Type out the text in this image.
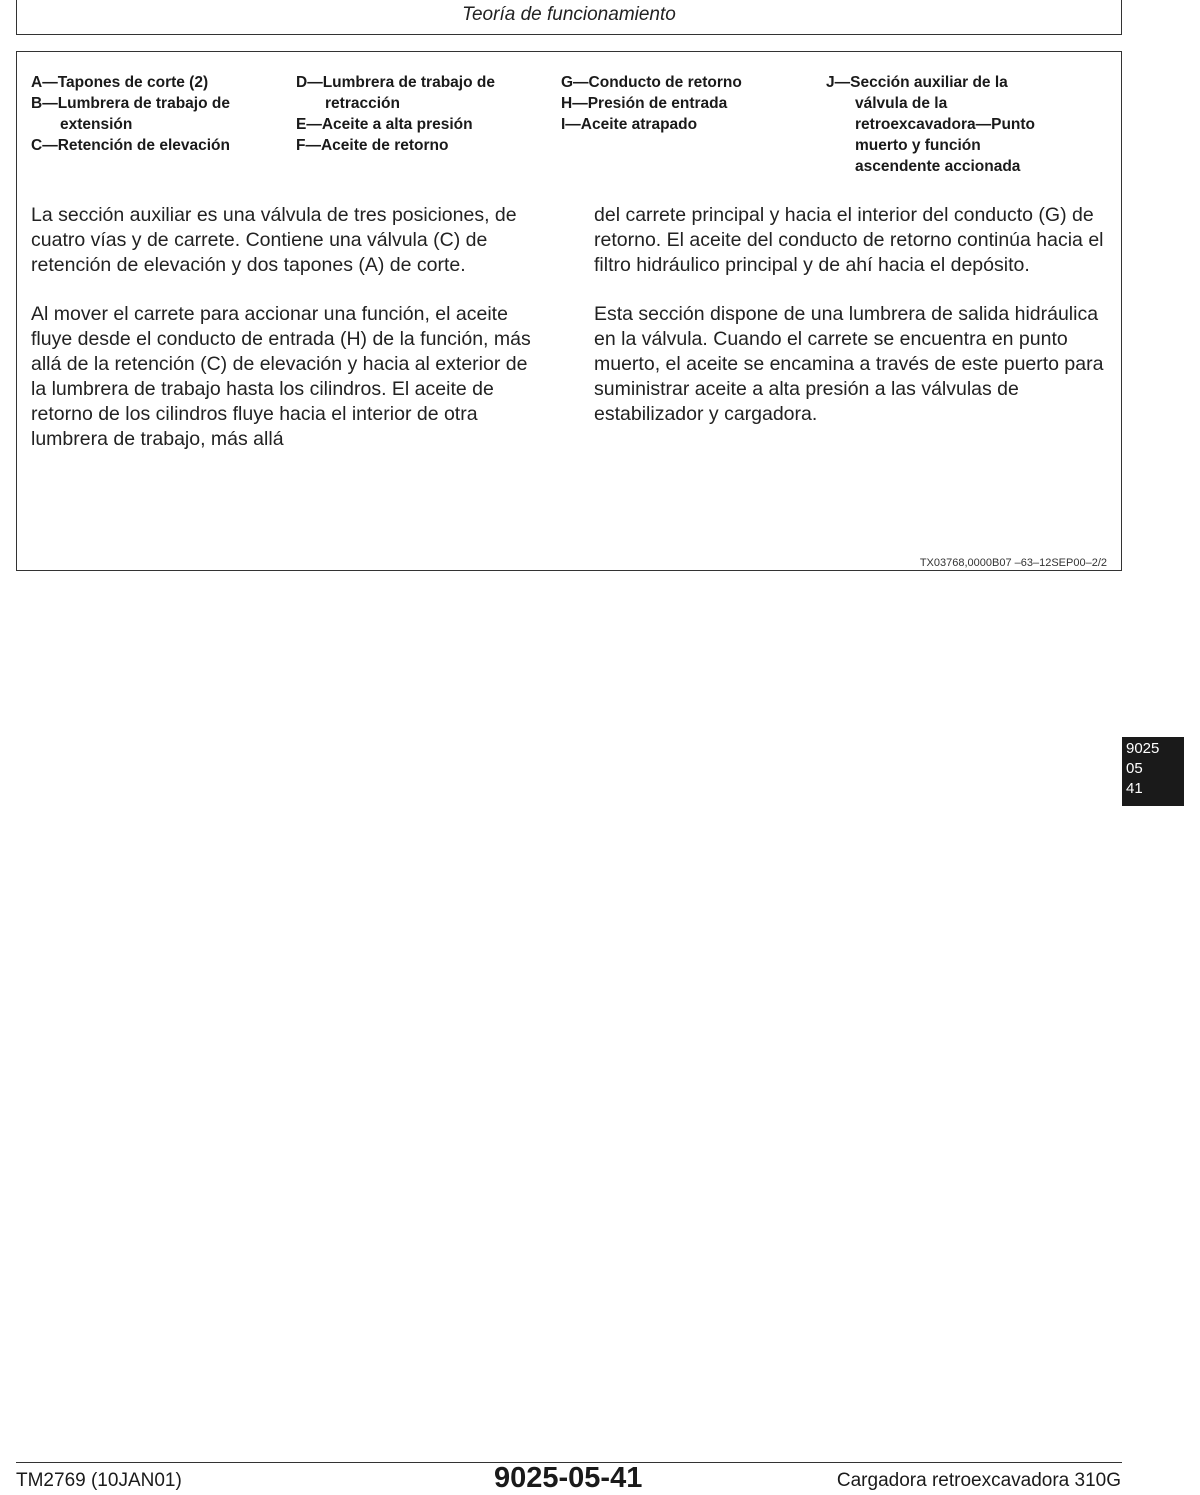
Teoría de funcionamiento
A—Tapones de corte (2)
B—Lumbrera de trabajo de extensión
C—Retención de elevación
D—Lumbrera de trabajo de retracción
E—Aceite a alta presión
F—Aceite de retorno
G—Conducto de retorno
H—Presión de entrada
I—Aceite atrapado
J—Sección auxiliar de la válvula de la retroexcavadora—Punto muerto y función ascendente accionada

La sección auxiliar es una válvula de tres posiciones, de cuatro vías y de carrete. Contiene una válvula (C) de retención de elevación y dos tapones (A) de corte.

Al mover el carrete para accionar una función, el aceite fluye desde el conducto de entrada (H) de la función, más allá de la retención (C) de elevación y hacia al exterior de la lumbrera de trabajo hasta los cilindros. El aceite de retorno de los cilindros fluye hacia el interior de otra lumbrera de trabajo, más allá

del carrete principal y hacia el interior del conducto (G) de retorno. El aceite del conducto de retorno continúa hacia el filtro hidráulico principal y de ahí hacia el depósito.

Esta sección dispone de una lumbrera de salida hidráulica en la válvula. Cuando el carrete se encuentra en punto muerto, el aceite se encamina a través de este puerto para suministrar aceite a alta presión a las válvulas de estabilizador y cargadora.

TX03768,0000B07 –63–12SEP00–2/2
9025
05
41
TM2769 (10JAN01)	9025-05-41	Cargadora retroexcavadora 310G
